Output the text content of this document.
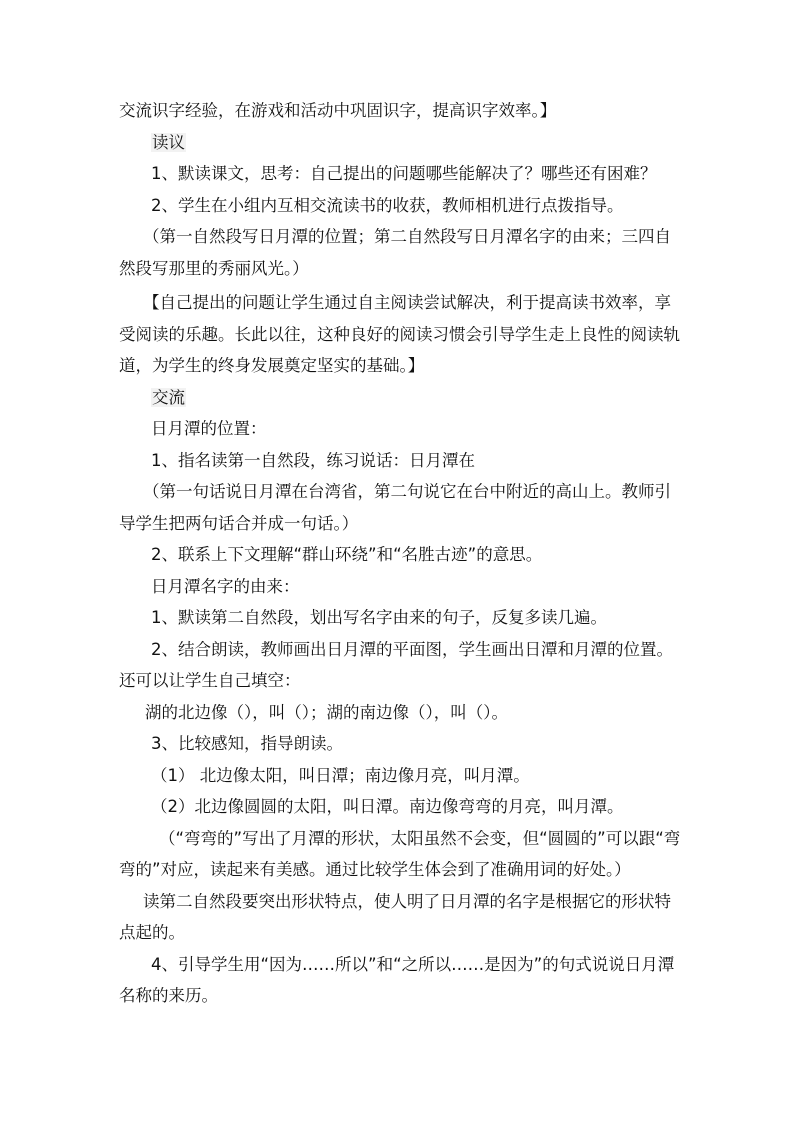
交流识字经验，在游戏和活动中巩固识字，提高识字效率。】

读议

1、默读课文，思考：自己提出的问题哪些能解决了？哪些还有困难？

2、学生在小组内互相交流读书的收获，教师相机进行点拨指导。

（第一自然段写日月潭的位置；第二自然段写日月潭名字的由来；三四自然段写那里的秀丽风光。）

【自己提出的问题让学生通过自主阅读尝试解决，利于提高读书效率，享受阅读的乐趣。长此以往，这种良好的阅读习惯会引导学生走上良性的阅读轨道，为学生的终身发展奠定坚实的基础。】

交流

日月潭的位置：

1、指名读第一自然段，练习说话：日月潭在

（第一句话说日月潭在台湾省，第二句说它在台中附近的高山上。教师引导学生把两句话合并成一句话。）

2、联系上下文理解“群山环绕”和“名胜古迹”的意思。

日月潭名字的由来：

1、默读第二自然段，划出写名字由来的句子，反复多读几遍。

2、结合朗读，教师画出日月潭的平面图，学生画出日潭和月潭的位置。还可以让学生自己填空：

湖的北边像（），叫（）；湖的南边像（），叫（）。

3、比较感知，指导朗读。

（1） 北边像太阳，叫日潭；南边像月亮，叫月潭。

（2）北边像圆圆的太阳，叫日潭。南边像弯弯的月亮，叫月潭。

（“弯弯的”写出了月潭的形状，太阳虽然不会变，但“圆圆的”可以跟“弯弯的”对应，读起来有美感。通过比较学生体会到了准确用词的好处。）

读第二自然段要突出形状特点，使人明了日月潭的名字是根据它的形状特点起的。

4、引导学生用“因为……所以”和“之所以……是因为”的句式说说日月潭名称的来历。
